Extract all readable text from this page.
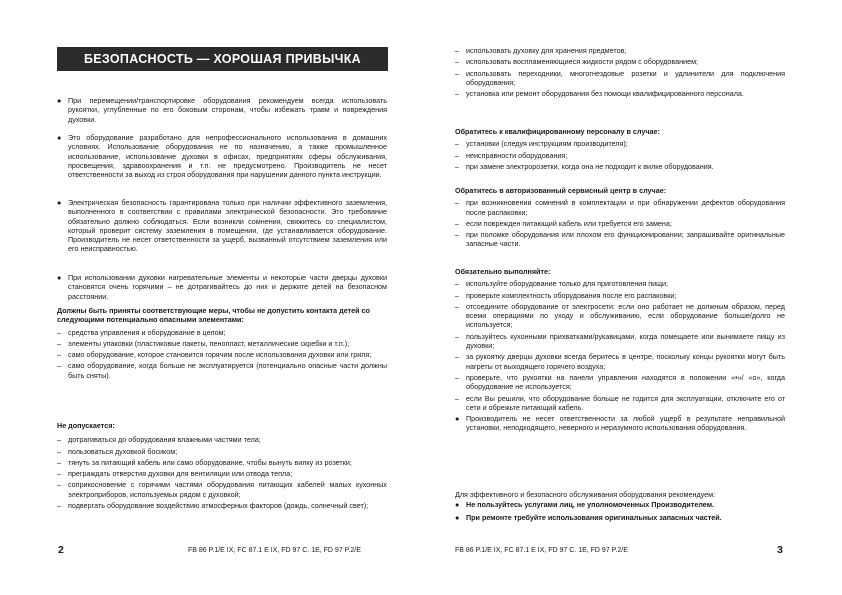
БЕЗОПАСНОСТЬ — ХОРОШАЯ ПРИВЫЧКА
● При перемещении/транспортировке оборудования рекомендуем всегда использовать рукоятки, углубленные по его боковым сторонам, чтобы избежать травм и повреждения духовки.
● Это оборудование разработано для непрофессионального использования в домашних условиях. Использование оборудования не по назначению, а также промышленное использование, использование духовки в офисах, предприятиях сферы обслуживания, просвещения, здравоохранения и т.п. не предусмотрено. Производитель не несет ответственности за выход из строя оборудования при нарушении данного пункта инструкции.
● Электрическая безопасность гарантирована только при наличии эффективного заземления, выполненного в соответствии с правилами электрической безопасности. Это требование обязательно должно соблюдаться. Если возникли сомнения, свяжитесь со специалистом, который проверит систему заземления в помещении, где устанавливается оборудование. Производитель не несет ответственности за ущерб, вызванный отсутствием заземления или его неисправностью.
● При использовании духовки нагревательные элементы и некоторые части дверцы духовки становятся очень горячими – не дотрагивайтесь до них и держите детей на безопасном расстоянии.
Должны быть приняты соответствующие меры, чтобы не допустить контакта детей со следующими потенциально опасными элементами:
– средства управления и оборудование в целом;
– элементы упаковки (пластиковые пакеты, пенопласт, металлические скребки и т.п.);
– само оборудование, которое становится горячим после использования духовки или гриля;
– само оборудование, когда больше не эксплуатируется (потенциально опасные части должны быть сняты).
Не допускается:
– дотрагиваться до оборудования влажными частями тела;
– пользоваться духовкой босиком;
– тянуть за питающий кабель или само оборудование, чтобы вынуть вилку из розетки;
– преграждать отверстия духовки для вентиляции или отвода тепла;
– соприкосновение с горячими частями оборудования питающих кабелей малых кухонных электроприборов, используемых рядом с духовкой;
– подвергать оборудование воздействию атмосферных факторов (дождь, солнечный свет);
2	FB 86 P.1/E IX, FC 87.1 E IX, FD 97 C. 1E, FD 97 P.2/E
– использовать духовку для хранения предметов;
– использовать воспламеняющиеся жидкости рядом с оборудованием;
– использовать переходники, многогнездовые розетки и удлинители для подключения оборудования;
– установка или ремонт оборудования без помощи квалифицированного персонала.
Обратитесь к квалифицированному персоналу в случае:
– установки (следуя инструкциям производителя);
– неисправности оборудования;
– при замене электророзетки, когда она не подходит к вилке оборудования.
Обратитесь в авторизованный сервисный центр в случае:
– при возникновении сомнений в комплектации и при обнаружении дефектов оборудования после распаковки;
– если поврежден питающий кабель или требуется его замена;
– при поломке оборудования или плохом его функционировании; запрашивайте оригинальные запасные части.
Обязательно выполняйте:
– используйте оборудование только для приготовления пищи;
– проверьте комплектность оборудования после его распаковки;
– отсоедините оборудование от электросети: если оно работает не должным образом, перед всеми операциями по уходу и обслуживанию, если оборудование больше/долго не используется;
– пользуйтесь кухонными прихватками/рукавицами, когда помещаете или вынимаете пищу из духовки;
– за рукоятку дверцы духовки всегда беритесь в центре, поскольку концы рукоятки могут быть нагреты от выходящего горячего воздуха;
– проверьте, что рукоятки на панели управления находятся в положении «•»/ «о», когда оборудование не используется;
– если Вы решили, что оборудование больше не годится для эксплуатации, отключите его от сети и обрежьте питающий кабель.
● Производитель не несет ответственности за любой ущерб в результате неправильной установки, неподходящего, неверного и неразумного использования оборудования.
Для эффективного и безопасного обслуживания оборудования рекомендуем:
● Не пользуйтесь услугами лиц, не уполномоченных Производителем.
● При ремонте требуйте использования оригинальных запасных частей.
FB 86 P.1/E IX, FC 87.1 E IX, FD 97 C. 1E, FD 97 P.2/E	3
